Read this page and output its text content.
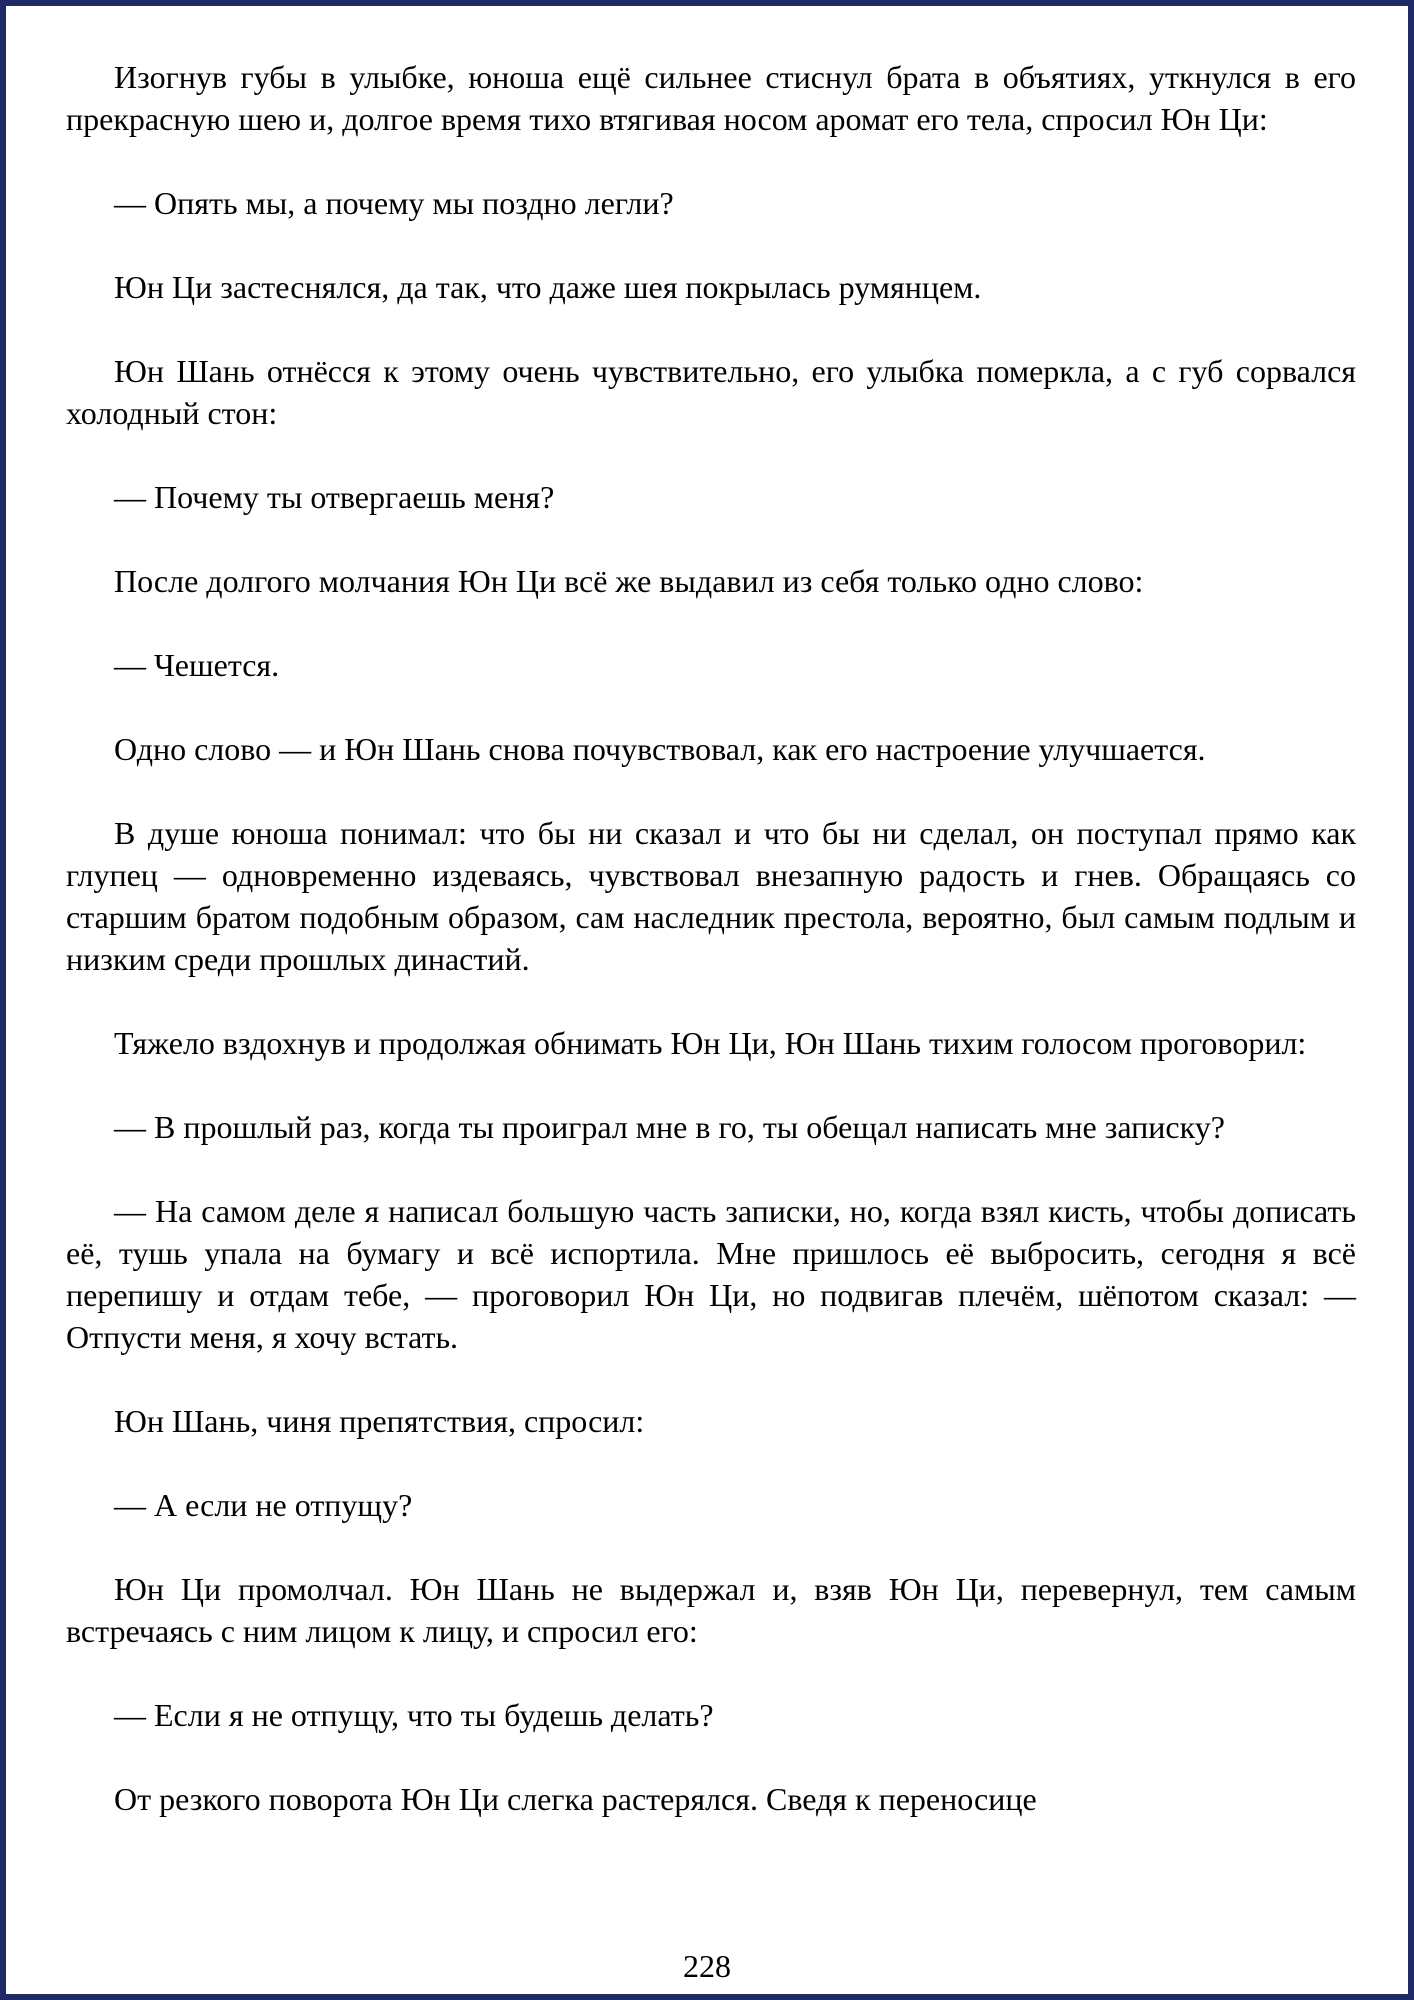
Изогнув губы в улыбке, юноша ещё сильнее стиснул брата в объятиях, уткнулся в его прекрасную шею и, долгое время тихо втягивая носом аромат его тела, спросил Юн Ци:

— Опять мы, а почему мы поздно легли?

Юн Ци застеснялся, да так, что даже шея покрылась румянцем.

Юн Шань отнёсся к этому очень чувствительно, его улыбка померкла, а с губ сорвался холодный стон:

— Почему ты отвергаешь меня?

После долгого молчания Юн Ци всё же выдавил из себя только одно слово:

— Чешется.

Одно слово — и Юн Шань снова почувствовал, как его настроение улучшается.

В душе юноша понимал: что бы ни сказал и что бы ни сделал, он поступал прямо как глупец — одновременно издеваясь, чувствовал внезапную радость и гнев. Обращаясь со старшим братом подобным образом, сам наследник престола, вероятно, был самым подлым и низким среди прошлых династий.

Тяжело вздохнув и продолжая обнимать Юн Ци, Юн Шань тихим голосом проговорил:

— В прошлый раз, когда ты проиграл мне в го, ты обещал написать мне записку?

— На самом деле я написал большую часть записки, но, когда взял кисть, чтобы дописать её, тушь упала на бумагу и всё испортила. Мне пришлось её выбросить, сегодня я всё перепишу и отдам тебе, — проговорил Юн Ци, но подвигав плечём, шёпотом сказал: — Отпусти меня, я хочу встать.

Юн Шань, чиня препятствия, спросил:

— А если не отпущу?

Юн Ци промолчал. Юн Шань не выдержал и, взяв Юн Ци, перевернул, тем самым встречаясь с ним лицом к лицу, и спросил его:

— Если я не отпущу, что ты будешь делать?

От резкого поворота Юн Ци слегка растерялся. Сведя к переносице

228
